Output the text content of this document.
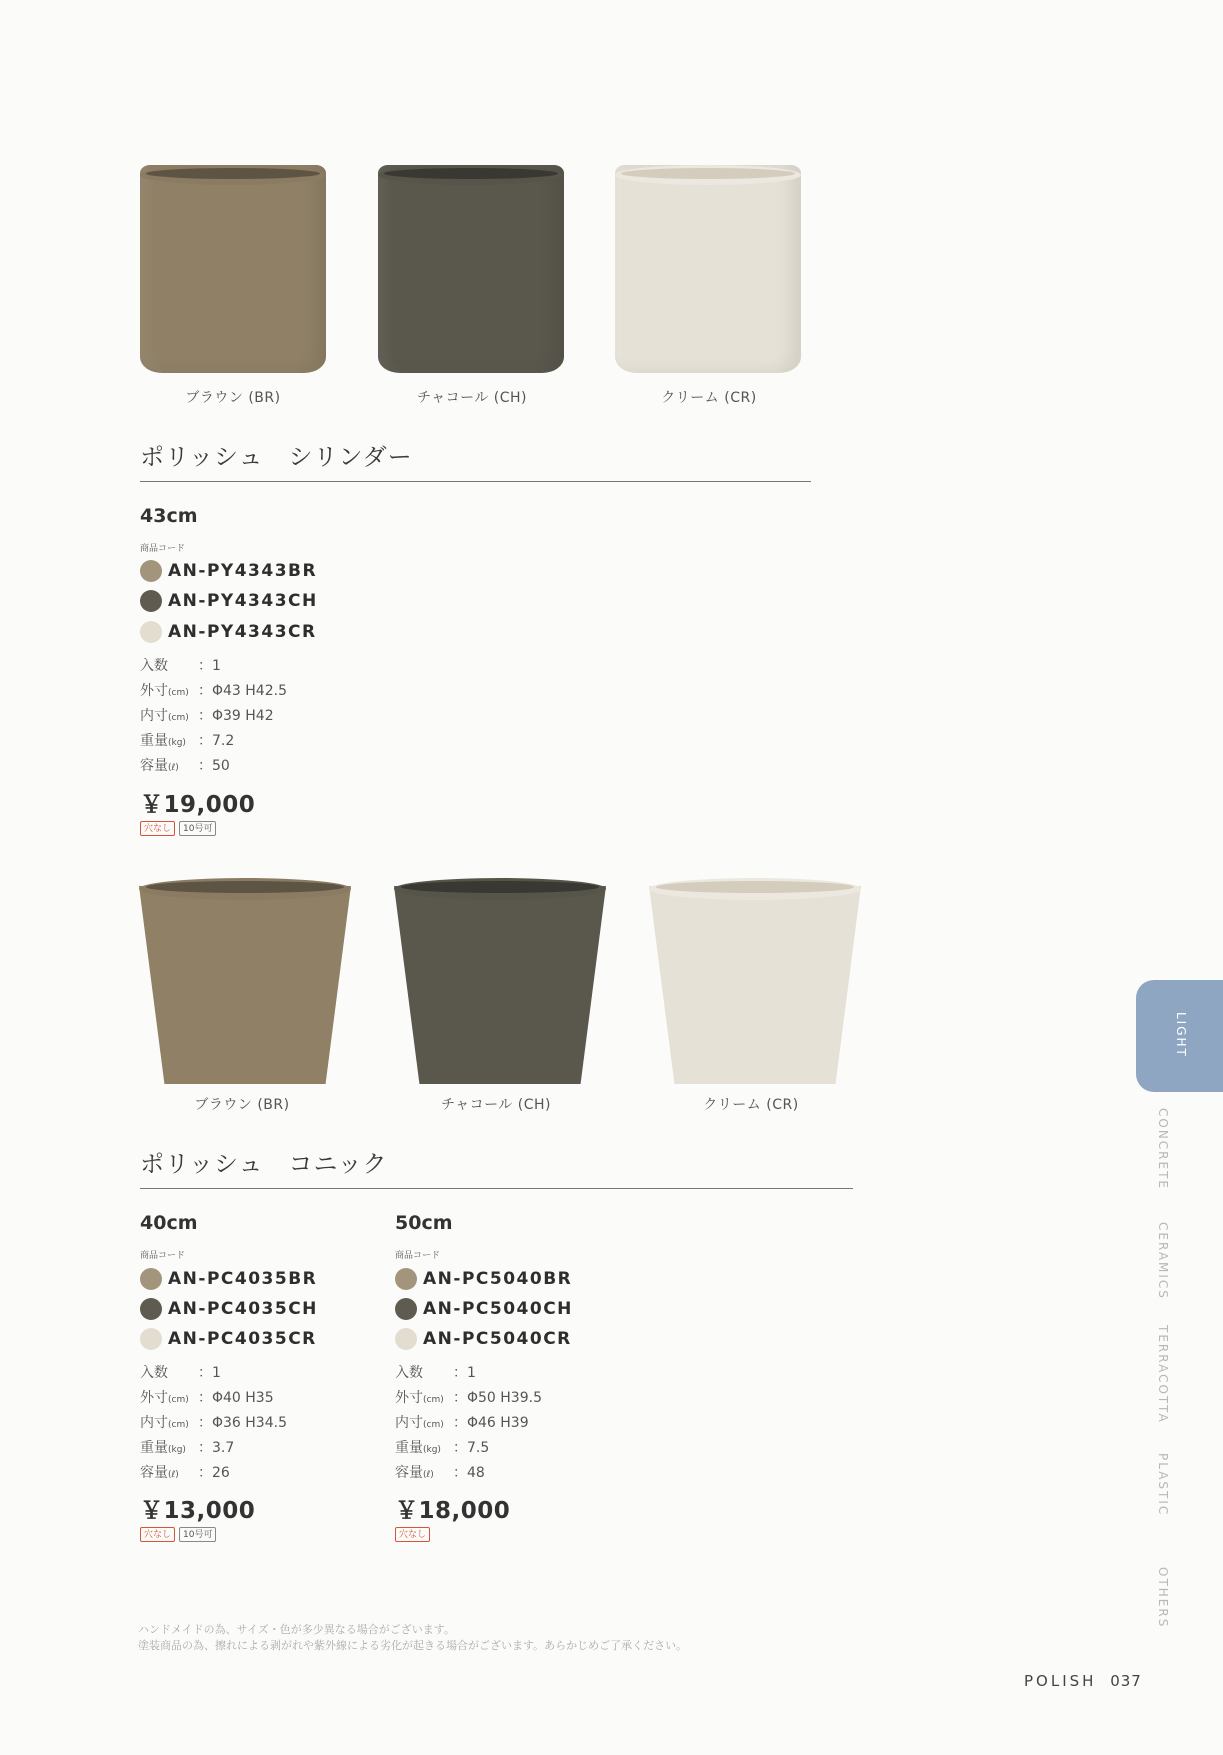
ブラウン (BR)	チャコール (CH)	クリーム (CR)
ポリッシュ　シリンダー
43cm
商品コード
AN-PY4343BR
AN-PY4343CH
AN-PY4343CR
入数 ：1
外寸(cm) ：Φ43 H42.5
内寸(cm) ：Φ39 H42
重量(kg) ：7.2
容量(ℓ) ：50
￥19,000
穴なし	10号可
ブラウン (BR)	チャコール (CH)	クリーム (CR)
ポリッシュ　コニック
40cm
商品コード
AN-PC4035BR
AN-PC4035CH
AN-PC4035CR
入数 ：1
外寸(cm) ：Φ40 H35
内寸(cm) ：Φ36 H34.5
重量(kg) ：3.7
容量(ℓ) ：26
￥13,000
穴なし	10号可
50cm
商品コード
AN-PC5040BR
AN-PC5040CH
AN-PC5040CR
入数 ：1
外寸(cm) ：Φ50 H39.5
内寸(cm) ：Φ46 H39
重量(kg) ：7.5
容量(ℓ) ：48
￥18,000
穴なし
ハンドメイドの為、サイズ・色が多少異なる場合がございます。
塗装商品の為、擦れによる剥がれや紫外線による劣化が起きる場合がございます。あらかじめご了承ください。
LIGHT
CONCRETE
CERAMICS
TERRACOTTA
PLASTIC
OTHERS
POLISH 037
